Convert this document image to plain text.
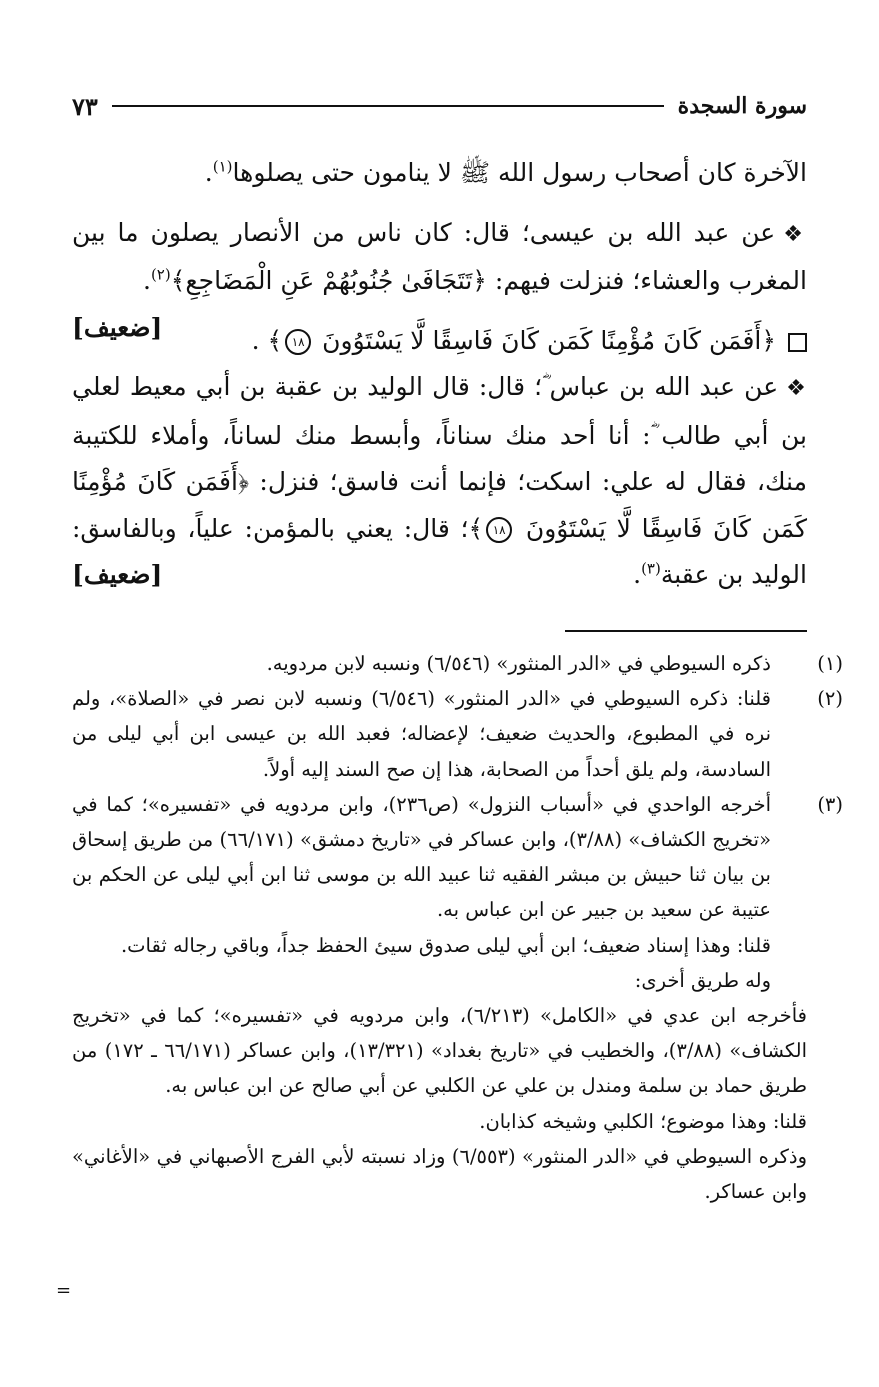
سورة السجدة
٧٣

الآخرة كان أصحاب رسول الله ﷺ لا ينامون حتى يصلوها$^{(١)}$.

❖عن عبد الله بن عيسى؛ قال: كان ناس من الأنصار يصلون ما بين المغرب والعشاء؛ فنزلت فيهم: ﴿تَتَجَافَىٰ جُنُوبُهُمْ عَنِ الْمَضَاجِعِ﴾$^{(٢)}$.
[ضعيف]	﴿أَفَمَن كَانَ مُؤْمِنًا كَمَن كَانَ فَاسِقًا لَّا يَسْتَوُونَ ١٨﴾ .

❖عن عبد الله بن عباس ؓ؛ قال: قال الوليد بن عقبة بن أبي معيط لعلي بن أبي طالب ؓ: أنا أحد منك سناناً، وأبسط منك لساناً، وأملاء للكتيبة منك، فقال له علي: اسكت؛ فإنما أنت فاسق؛ فنزل: ﴿أَفَمَن كَانَ مُؤْمِنًا كَمَن كَانَ فَاسِقًا لَّا يَسْتَوُونَ ١٨﴾؛ قال: يعني بالمؤمن: علياً، وبالفاسق: الوليد بن عقبة$^{(٣)}$.
[ضعيف]

(١)ذكره السيوطي في «الدر المنثور» (٦/٥٤٦) ونسبه لابن مردويه.

(٢)قلنا: ذكره السيوطي في «الدر المنثور» (٦/٥٤٦) ونسبه لابن نصر في «الصلاة»، ولم نره في المطبوع، والحديث ضعيف؛ لإعضاله؛ فعبد الله بن عيسى ابن أبي ليلى من السادسة، ولم يلق أحداً من الصحابة، هذا إن صح السند إليه أولاً.

(٣)أخرجه الواحدي في «أسباب النزول» (ص٢٣٦)، وابن مردويه في «تفسيره»؛ كما في «تخريج الكشاف» (٣/٨٨)، وابن عساكر في «تاريخ دمشق» (٦٦/١٧١) من طريق إسحاق بن بيان ثنا حبيش بن مبشر الفقيه ثنا عبيد الله بن موسى ثنا ابن أبي ليلى عن الحكم بن عتيبة عن سعيد بن جبير عن ابن عباس به.

قلنا: وهذا إسناد ضعيف؛ ابن أبي ليلى صدوق سيئ الحفظ جداً، وباقي رجاله ثقات.

وله طريق أخرى:

فأخرجه ابن عدي في «الكامل» (٦/٢١٣)، وابن مردويه في «تفسيره»؛ كما في «تخريج الكشاف» (٣/٨٨)، والخطيب في «تاريخ بغداد» (١٣/٣٢١)، وابن عساكر (٦٦/١٧١ ـ ١٧٢) من طريق حماد بن سلمة ومندل بن علي عن الكلبي عن أبي صالح عن ابن عباس به.

قلنا: وهذا موضوع؛ الكلبي وشيخه كذابان.

وذكره السيوطي في «الدر المنثور» (٦/٥٥٣) وزاد نسبته لأبي الفرج الأصبهاني في «الأغاني» وابن عساكر.

=
